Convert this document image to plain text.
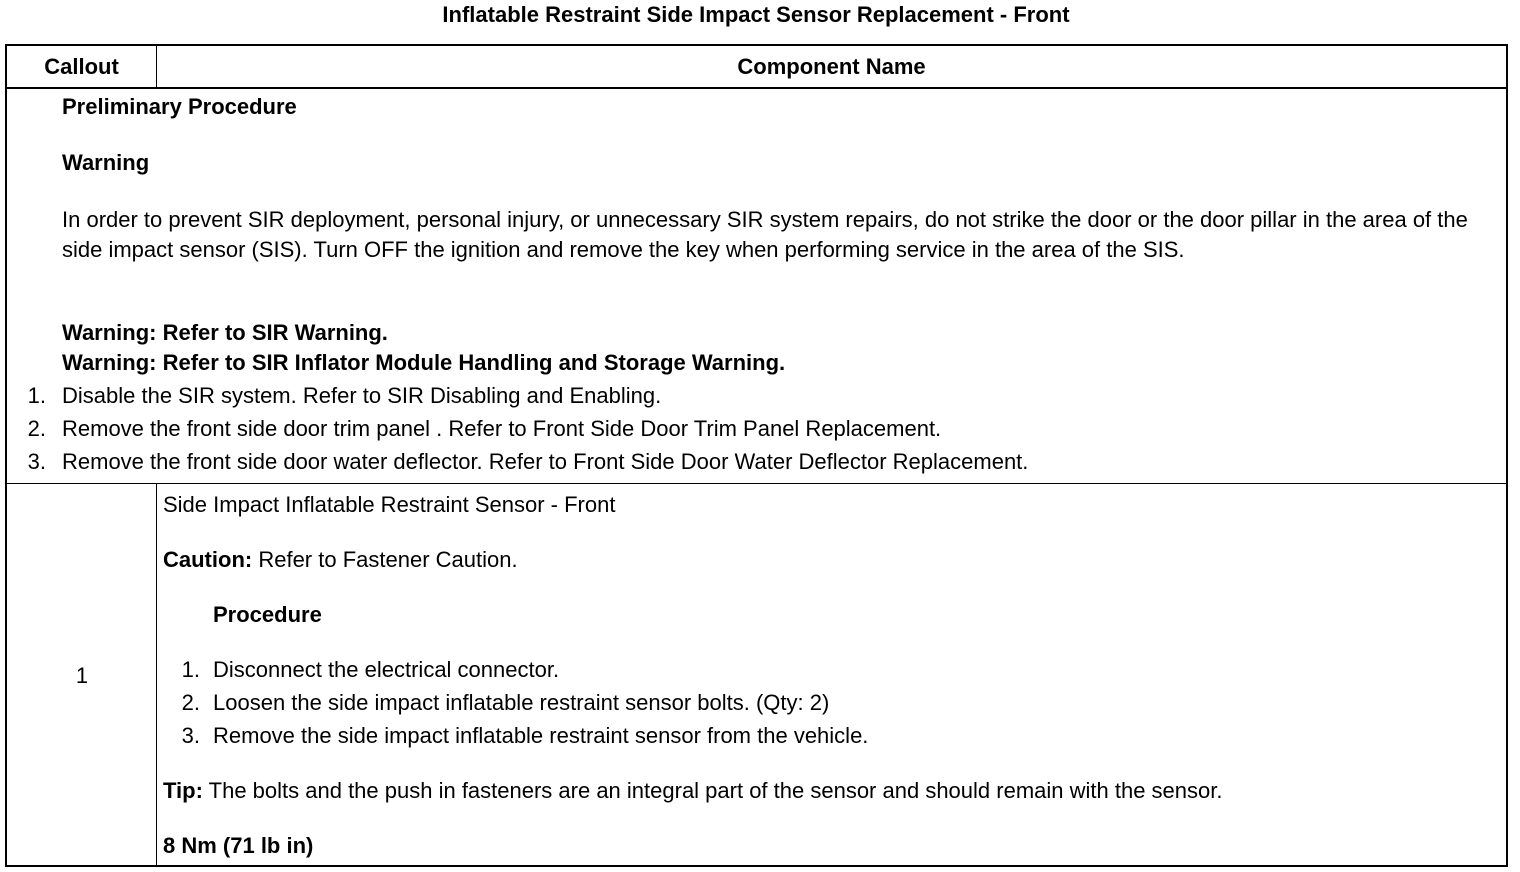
Inflatable Restraint Side Impact Sensor Replacement - Front
Callout	Component Name
Preliminary Procedure
Warning
In order to prevent SIR deployment, personal injury, or unnecessary SIR system repairs, do not strike the door or the door pillar in the area of the side impact sensor (SIS). Turn OFF the ignition and remove the key when performing service in the area of the SIS.
Warning: Refer to SIR Warning.
Warning: Refer to SIR Inflator Module Handling and Storage Warning.
1. Disable the SIR system. Refer to SIR Disabling and Enabling.
2. Remove the front side door trim panel . Refer to Front Side Door Trim Panel Replacement.
3. Remove the front side door water deflector. Refer to Front Side Door Water Deflector Replacement.
1
Side Impact Inflatable Restraint Sensor - Front
Caution: Refer to Fastener Caution.
Procedure
1. Disconnect the electrical connector.
2. Loosen the side impact inflatable restraint sensor bolts. (Qty: 2)
3. Remove the side impact inflatable restraint sensor from the vehicle.
Tip: The bolts and the push in fasteners are an integral part of the sensor and should remain with the sensor.
8 Nm (71 lb in)
